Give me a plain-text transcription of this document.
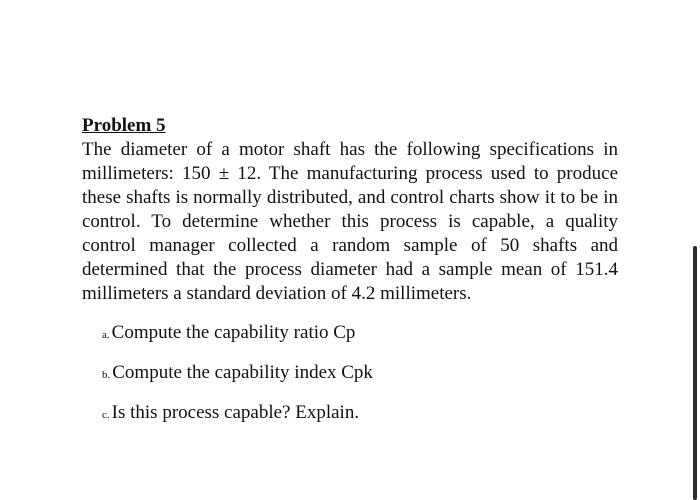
Problem 5

The diameter of a motor shaft has the following specifications in millimeters: 150 ± 12. The manufacturing process used to produce these shafts is normally distributed, and control charts show it to be in control. To determine whether this process is capable, a quality control manager collected a random sample of 50 shafts and determined that the process diameter had a sample mean of 151.4 millimeters a standard deviation of 4.2 millimeters.

a. Compute the capability ratio Cp
b. Compute the capability index Cpk
c. Is this process capable? Explain.
